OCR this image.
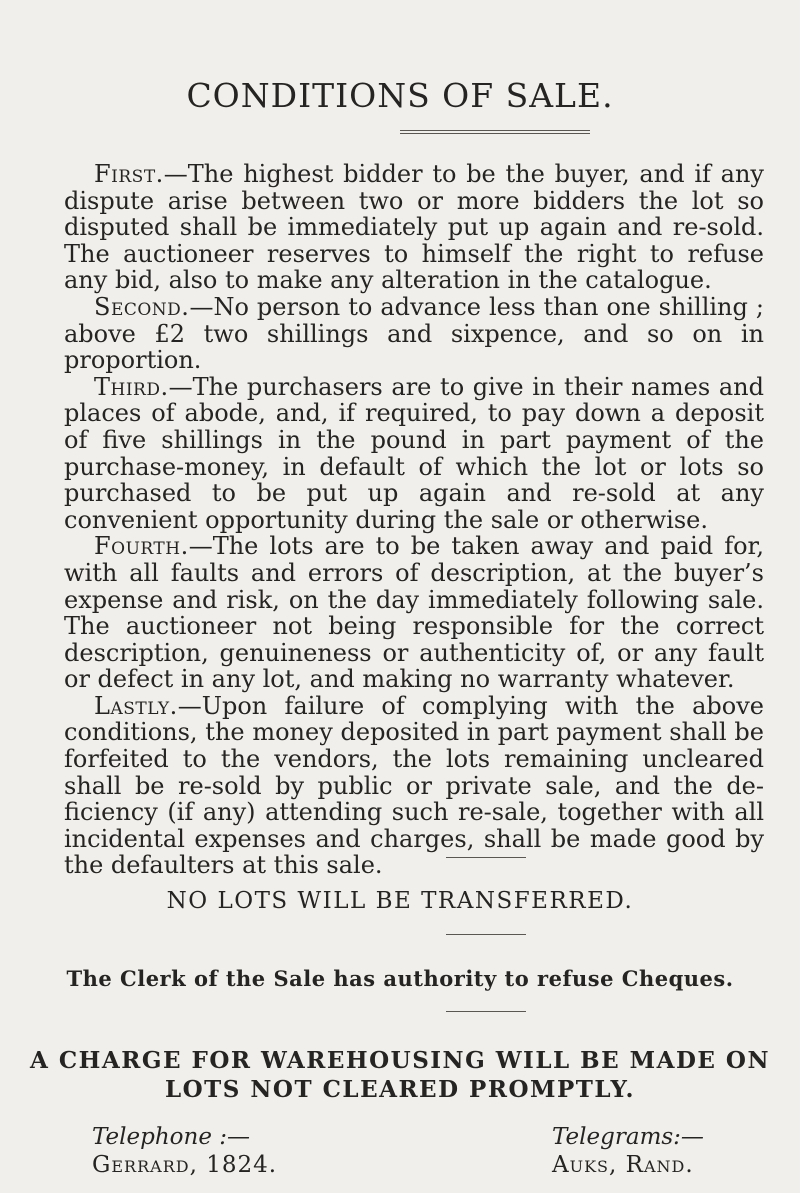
CONDITIONS OF SALE.

First.—The highest bidder to be the buyer, and if any dispute arise between two or more bidders the lot so disputed shall be immediately put up again and re-sold. The auctioneer reserves to himself the right to refuse any bid, also to make any alteration in the catalogue.

Second.—No person to advance less than one shilling ; above £2 two shillings and sixpence, and so on in proportion.

Third.—The purchasers are to give in their names and places of abode, and, if required, to pay down a deposit of five shillings in the pound in part payment of the purchase-money, in default of which the lot or lots so purchased to be put up again and re-sold at any convenient opportunity during the sale or otherwise.

Fourth.—The lots are to be taken away and paid for, with all faults and errors of description, at the buyer’s expense and risk, on the day immediately following sale. The auctioneer not being responsible for the correct description, genuineness or authenticity of, or any fault or defect in any lot, and making no warranty whatever.

Lastly.—Upon failure of complying with the above conditions, the money deposited in part payment shall be forfeited to the vendors, the lots remaining uncleared shall be re-sold by public or private sale, and the de-ficiency (if any) attending such re-sale, together with all incidental expenses and charges, shall be made good by the defaulters at this sale.

NO LOTS WILL BE TRANSFERRED.

The Clerk of the Sale has authority to refuse Cheques.

A CHARGE FOR WAREHOUSING WILL BE MADE ON LOTS NOT CLEARED PROMPTLY.

Telephone :—
Gerrard, 1824.
Telegrams:—
Auks, Rand.
